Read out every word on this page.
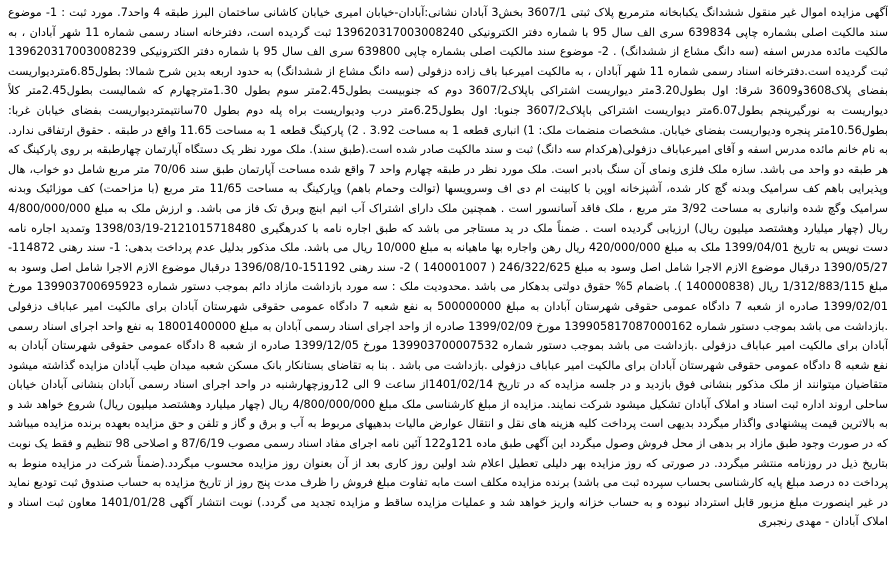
آگهی مزایده اموال غیر منقول ششدانگ یکبابخانه مترمربع پلاک ثبتی 3607/1 بخش3 آبادان نشانی:آبادان-خیابان امیری خیابان کاشانی ساختمان البرز طبقه 4 واحد7. مورد ثبت : 1- موضوع سند مالکیت اصلی بشماره چاپی 639834 سری الف سال 95 با شماره دفتر الکترونیکی 139620317003008240 ثبت گردیده است، دفترخانه اسناد رسمی شماره 11 شهر آبادان ، به مالکیت مائده مدرس اسفه (سه دانگ مشاع از ششدانگ) . 2- موضوع سند مالکیت اصلی بشماره چاپی 639800 سری الف سال 95 با شماره دفتر الکترونیکی 139620317003008239 ثبت گردیده است.دفترخانه اسناد رسمی شماره 11 شهر آبادان ، به مالکیت امیرعبا باف زاده دزفولی (سه دانگ مشاع از ششدانگ) به حدود اربعه بدین شرح شمالا: بطول6.85متردیواریست بفضای پلاک3608و3609 شرقا: اول بطول3.20متر دیواریست اشتراکی باپلاک3607/2 دوم که جنوبیست بطول2.45متر سوم بطول 1.30مترچهارم که شمالیست بطول2.45متر کلاً دیواریست به نورگیرپنجم بطول6.07متر دیواریست اشتراکی باپلاک3607/2 جنوبا: اول بطول6.25متر درب ودیواریست براه پله دوم بطول 70سانتیمتردیواریست بفضای خیابان غربا: بطول10.56متر پنجره ودیواریست بفضای خیابان. مشخصات منضمات ملک: 1) انباری قطعه 1 به مساحت 3.92 . 2) پارکینگ قطعه 1 به مساحت 11.65 واقع در طبقه . حقوق ارتفاقی ندارد. به نام خانم مائده مدرس اسفه و آقای امیرعباباف دزفولی(هرکدام سه دانگ) ثبت و سند مالکیت صادر شده است.(طبق سند). ملک مورد نظر یک دستگاه آپارتمان چهارطبقه بر روی پارکینگ که هر طبقه دو واحد می باشد. سازه ملک فلزی ونمای آن سنگ بادبر است. ملک مورد نظر در طبقه چهارم واحد 7 واقع شده مساحت آپارتمان طبق سند 70/06 متر مربع شامل دو خواب، هال وپذیرایی باهم کف سرامیک وبدنه گچ کار شده، آشپزخانه اوپن با کابینت ام دی اف وسرویسها (توالت وحمام باهم) وپارکینگ به مساحت 11/65 متر مربع (با مزاحمت) کف موزائیک وبدنه سرامیک وگچ شده وانباری به مساحت 3/92 متر مربع ، ملک فاقد آسانسور است . همچنین ملک دارای اشتراک آب انیم ابنچ وبرق تک فاز می باشد. و ارزش ملک به مبلغ 4/800/000/000 ریال (چهار میلیارد وهشتصد میلیون ریال) ارزیابی گردیده است . ضمناً ملک در ید مستاجر می باشد که طبق اجاره نامه با کدرهگیری 2121015718480-1398/03/19 وتمدید اجاره نامه دست نویس به تاریخ 1399/04/01 ملک به مبلغ 420/000/000 ریال رهن واجاره بها ماهیانه به مبلغ 10/000 ریال می باشد. ملک مذکور بدلیل عدم پرداخت بدهی: 1- سند رهنی 114872-1390/05/27 درقبال موضوع الازم الاجرا شامل اصل وسود به مبلغ 246/322/625 ( 140001007 ) 2- سند رهنی 151192-1396/08/10 درقبال موضوع الازم الاجرا شامل اصل وسود به مبلغ 1/312/883/115 ریال (140000838 ). باضمام 5% حقوق دولتی بدهکار می باشد .محدودیت ملک : سه مورد بازداشت مازاد دائم بموجب دستور شماره 139903700695923 مورخ 1399/02/01 صادره از شعبه 7 دادگاه عمومی حقوقی شهرستان آبادان به مبلغ 500000000 به نفع شعبه 7 دادگاه عمومی حقوقی شهرستان آبادان برای مالکیت امیر عباباف دزفولی .بازداشت می باشد بموجب دستور شماره 139905817087000162 مورخ 1399/02/09 صادره از واحد اجرای اسناد رسمی آبادان به مبلغ 18001400000 به نفع واحد اجرای اسناد رسمی آبادان برای مالکیت امیر عباباف دزفولی .بازداشت می باشد بموجب دستور شماره 139903700007532 مورخ 1399/12/05 صادره از شعبه 8 دادگاه عمومی حقوقی شهرستان آبادان به نفع شعبه 8 دادگاه عمومی حقوقی شهرستان آبادان برای مالکیت امیر عباباف دزفولی .بازداشت می باشد . بنا به تقاضای بستانکار بانک مسکن شعبه میدان طیب آبادان مزایده گذاشته میشود متقاضیان میتوانند از ملک مذکور بنشانی فوق بازدید و در جلسه مزایده که در تاریخ 1401/02/14از ساعت 9 الی 12روزچهارشنبه در واحد اجرای اسناد رسمی آبادان بنشانی آبادان خیابان ساحلی اروند اداره ثبت اسناد و املاک آبادان تشکیل میشود شرکت نمایند. مزایده از مبلغ کارشناسی ملک مبلغ 4/800/000/000 ریال (چهار میلیارد وهشتصد میلیون ریال) شروع خواهد شد و به بالاترین قیمت پیشنهادی واگذار میگردد بدیهی است پرداخت کلیه هزینه های نقل و انتقال عوارض مالیات بدهیهای مربوط به آب و برق و گاز و تلفن و حق مزایده بعهده برنده مزایده میباشد که در صورت وجود طبق مازاد بر بدهی از محل فروش وصول میگردد این آگهی طبق ماده 121و122 آئین نامه اجرای مفاد اسناد رسمی مصوب 87/6/19 و اصلاحی 98 تنظیم و فقط یک نوبت بتاریخ ذیل در روزنامه منتشر میگردد. در صورتی که روز مزایده بهر دلیلی تعطیل اعلام شد اولین روز کاری بعد از آن بعنوان روز مزایده محسوب میگردد.(ضمناً شرکت در مزایده منوط به پرداخت ده درصد مبلغ پایه کارشناسی بحساب سپرده ثبت می باشد) برنده مزایده مکلف است مابه تفاوت مبلغ فروش را ظرف مدت پنج روز از تاریخ مزایده به حساب صندوق ثبت تودیع نماید در غیر اینصورت مبلغ مزبور قابل استرداد نبوده و به حساب خزانه واریز خواهد شد و عملیات مزایده ساقط و مزایده تجدید می گردد.) نوبت انتشار آگهی 1401/01/28 معاون ثبت اسناد و املاک آبادان - مهدی رنجبری
